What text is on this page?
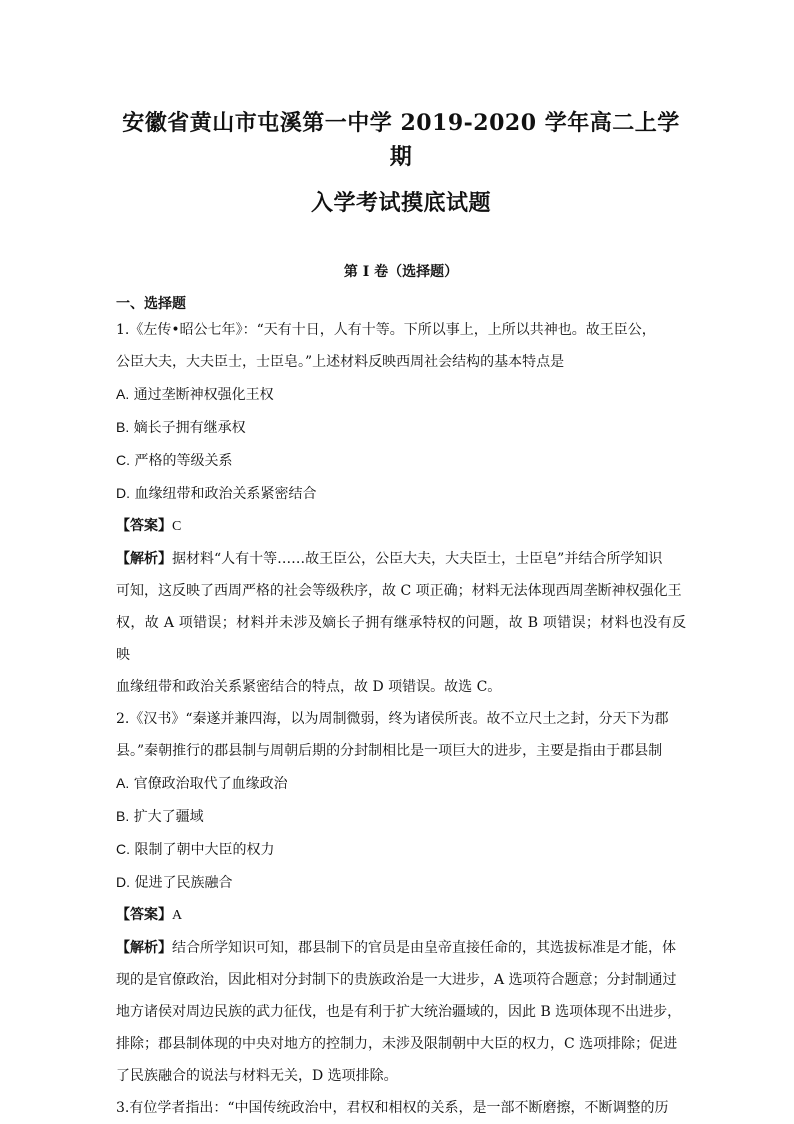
安徽省黄山市屯溪第一中学 2019-2020 学年高二上学期
入学考试摸底试题
第 I 卷（选择题）
一、选择题
1.《左传•昭公七年》：“天有十日，人有十等。下所以事上，上所以共神也。故王臣公，
公臣大夫，大夫臣士，士臣皂。”上述材料反映西周社会结构的基本特点是
A. 通过垄断神权强化王权
B. 嫡长子拥有继承权
C. 严格的等级关系
D. 血缘纽带和政治关系紧密结合
【答案】C
【解析】据材料“人有十等……故王臣公，公臣大夫，大夫臣士，士臣皂”并结合所学知识
可知，这反映了西周严格的社会等级秩序，故 C 项正确；材料无法体现西周垄断神权强化王
权，故 A 项错误；材料并未涉及嫡长子拥有继承特权的问题，故 B 项错误；材料也没有反映
血缘纽带和政治关系紧密结合的特点，故 D 项错误。故选 C。
2.《汉书》“秦遂并兼四海，以为周制微弱，终为诸侯所丧。故不立尺土之封，分天下为郡
县。”秦朝推行的郡县制与周朝后期的分封制相比是一项巨大的进步，主要是指由于郡县制
A. 官僚政治取代了血缘政治
B. 扩大了疆域
C. 限制了朝中大臣的权力
D. 促进了民族融合
【答案】A
【解析】结合所学知识可知，郡县制下的官员是由皇帝直接任命的，其选拔标准是才能，体
现的是官僚政治，因此相对分封制下的贵族政治是一大进步，A 选项符合题意；分封制通过
地方诸侯对周边民族的武力征伐，也是有利于扩大统治疆域的，因此 B 选项体现不出进步，
排除；郡县制体现的中央对地方的控制力，未涉及限制朝中大臣的权力，C 选项排除；促进
了民族融合的说法与材料无关，D 选项排除。
3.有位学者指出：“中国传统政治中，君权和相权的关系，是一部不断磨擦，不断调整的历
